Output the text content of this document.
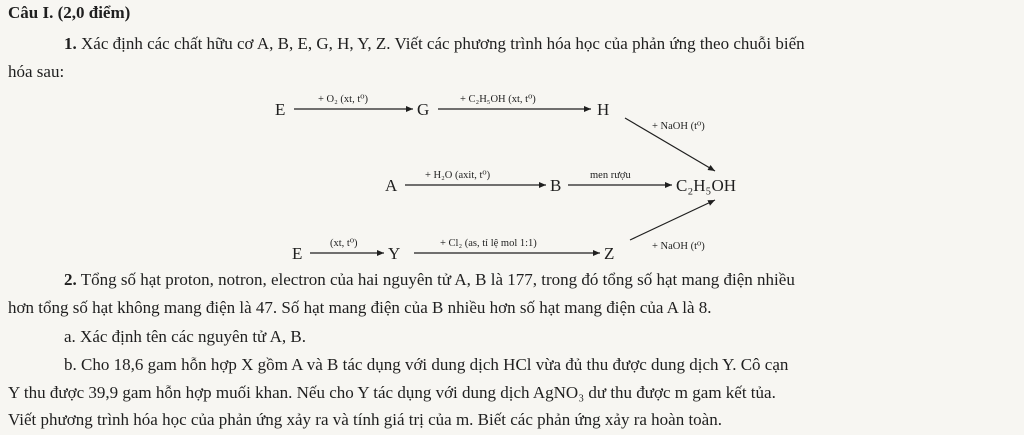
Câu I. (2,0 điểm)
1. Xác định các chất hữu cơ A, B, E, G, H, Y, Z. Viết các phương trình hóa học của phản ứng theo chuỗi biến
hóa sau:
E	G	H
+ O₂ (xt, t⁰)	+ C₂H₅OH (xt, t⁰)
+ NaOH (t⁰)
A	B	C₂H₅OH
+ H₂O (axit, t⁰)	men rượu
E	Y	Z
(xt, t⁰)	+ Cl₂ (as, tỉ lệ mol 1:1)	+ NaOH (t⁰)
2. Tổng số hạt proton, notron, electron của hai nguyên tử A, B là 177, trong đó tổng số hạt mang điện nhiều
hơn tổng số hạt không mang điện là 47. Số hạt mang điện của B nhiều hơn số hạt mang điện của A là 8.
a. Xác định tên các nguyên tử A, B.
b. Cho 18,6 gam hỗn hợp X gồm A và B tác dụng với dung dịch HCl vừa đủ thu được dung dịch Y. Cô cạn
Y thu được 39,9 gam hỗn hợp muối khan. Nếu cho Y tác dụng với dung dịch AgNO₃ dư thu được m gam kết tủa.
Viết phương trình hóa học của phản ứng xảy ra và tính giá trị của m. Biết các phản ứng xảy ra hoàn toàn.
